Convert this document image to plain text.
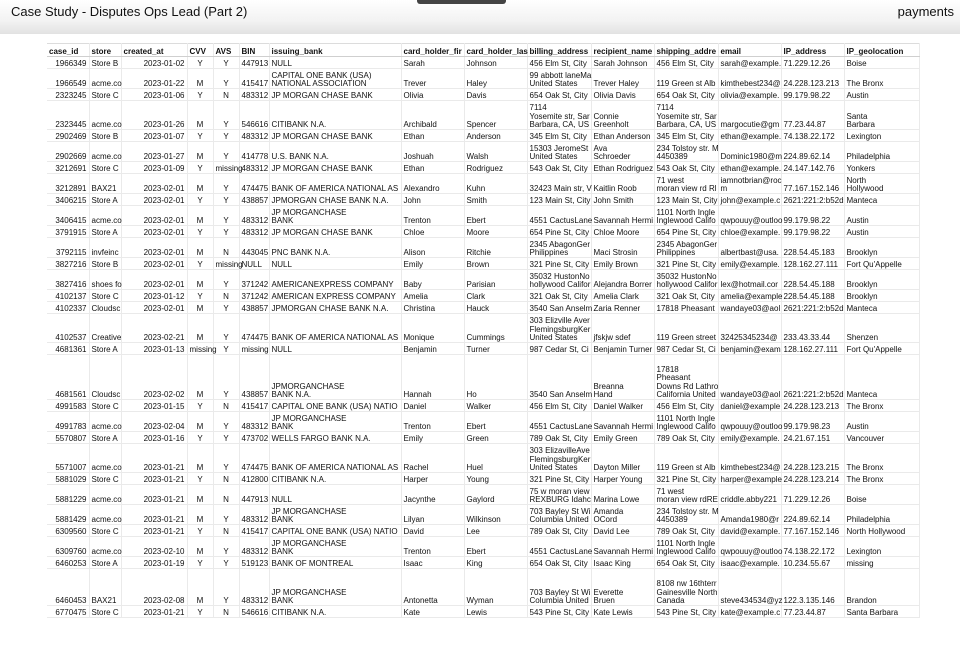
Case Study - Disputes Ops Lead (Part 2)	payments
case_id	store	created_at	CVV	AVS	BIN	issuing_bank	card_holder_fir	card_holder_las	billing_address	recipient_name	shipping_addre	email	IP_address	IP_geolocation
1966349	Store B	2023-01-02	Y	Y	447913	NULL	Sarah	Johnson	456 Elm St, City	Sarah Johnson	456 Elm St, City	sarah@example.	71.229.12.26	Boise
1966549	acme.co	2023-01-22	M	Y	415417	CAPITAL ONE BANK (USA)
NATIONAL ASSOCIATION	Trever	Haley	99 abbott laneMa
United States	Trever Haley	119 Green st Alb	kimthebest234@	24.228.123.213	The Bronx
2323245	Store C	2023-01-06	Y	N	483312	JP MORGAN CHASE BANK	Olivia	Davis	654 Oak St, City	Olivia Davis	654 Oak St, City	olivia@example.	99.179.98.22	Austin
2323445	acme.co	2023-01-26	M	Y	546616	CITIBANK N.A.	Archibald	Spencer	7114
Yosemite str, Sar
Barbara, CA, US	Connie
Greenholt	7114
Yosemite str, Sar
Barbara, CA, US	margocutie@gm	77.23.44.87	Santa
Barbara
2902469	Store B	2023-01-07	Y	Y	483312	JP MORGAN CHASE BANK	Ethan	Anderson	345 Elm St, City	Ethan Anderson	345 Elm St, City	ethan@example.	74.138.22.172	Lexington
2902669	acme.co	2023-01-27	M	Y	414778	U.S. BANK N.A.	Joshuah	Walsh	15303 JeromeSt
United States	Ava
Schroeder	234 Tolstoy str. M
4450389	Dominic1980@m	224.89.62.14	Philadelphia
3212691	Store C	2023-01-09	Y	missing	483312	JP MORGAN CHASE BANK	Ethan	Rodriguez	543 Oak St, City	Ethan Rodriguez	543 Oak St, City	ethan@example.	24.147.142.76	Yonkers
3212891	BAX21	2023-02-01	M	Y	474475	BANK OF AMERICA NATIONAL AS	Alexandro	Kuhn	32423 Main str, V	Kaitlin Roob	71 west
moran view rd Rl	iamnotbrian@roc
m	77.167.152.146	North
Hollywood
3406215	Store A	2023-02-01	Y	Y	438857	JPMORGAN CHASE BANK N.A.	John	Smith	123 Main St, City	John Smith	123 Main St, City	john@example.c	2621:221:2:b52d	Manteca
3406415	acme.co	2023-02-01	M	Y	483312	JP MORGANCHASE
BANK	Trenton	Ebert	4551 CactusLane	Savannah Hermi	1101 North Ingle
Inglewood Califo	qwpouuy@outloo	99.179.98.22	Austin
3791915	Store A	2023-02-01	Y	Y	483312	JP MORGAN CHASE BANK	Chloe	Moore	654 Pine St, City	Chloe Moore	654 Pine St, City	chloe@example.	99.179.98.22	Austin
3792115	invfeinc	2023-02-01	M	N	443045	PNC BANK N.A.	Alison	Ritchie	2345 AbagonGer
Philippines	Maci Strosin	2345 AbagonGer
Philippines	albertbast@usa.	228.54.45.183	Brooklyn
3827216	Store B	2023-02-01	Y	missing	NULL	NULL	Emily	Brown	321 Pine St, City	Emily Brown	321 Pine St, City	emily@example.	128.162.27.111	Fort Qu'Appelle
3827416	shoes fo	2023-02-01	M	Y	371242	AMERICANEXPRESS COMPANY	Baby	Parisian	35032 HustonNo
hollywood Califor	Alejandra Borrer	35032 HustonNo
hollywood Califor	lex@hotmail.cor	228.54.45.188	Brooklyn
4102137	Store C	2023-01-12	Y	N	371242	AMERICAN EXPRESS COMPANY	Amelia	Clark	321 Oak St, City	Amelia Clark	321 Oak St, City	amelia@example	228.54.45.188	Brooklyn
4102337	Cloudsc	2023-02-01	M	Y	438857	JPMORGAN CHASE BANK N.A.	Christina	Hauck	3540 San Anselm	Zaria Renner	17818 Pheasant	wandaye03@aol	2621:221:2:b52d	Manteca
4102537	Creative	2023-02-21	M	Y	474475	BANK OF AMERICA NATIONAL AS	Monique	Cummings	303 Elizville Aver
FlemingsburgKer
United States	jfskjw sdef	119 Green street	32425345234@	233.43.33.44	Shenzen
4681361	Store A	2023-01-13	missing	Y	missing	NULL	Benjamin	Turner	987 Cedar St, Ci	Benjamin Turner	987 Cedar St, Ci	benjamin@exam	128.162.27.111	Fort Qu'Appelle
4681561	Cloudsc	2023-02-02	M	Y	438857	JPMORGANCHASE
BANK N.A.	Hannah	Ho	3540 San Anselm	Breanna
Hand	17818
Pheasant
Downs Rd Lathro
California United	wandaye03@aol	2621:221:2:b52d	Manteca
4991583	Store C	2023-01-15	Y	N	415417	CAPITAL ONE BANK (USA) NATIO	Daniel	Walker	456 Elm St, City	Daniel Walker	456 Elm St, City	daniel@example	24.228.123.213	The Bronx
4991783	acme.co	2023-02-04	M	Y	483312	JP MORGANCHASE
BANK	Trenton	Ebert	4551 CactusLane	Savannah Hermi	1101 North Ingle
Inglewood Califo	qwpouuy@outloo	99.179.98.23	Austin
5570807	Store A	2023-01-16	Y	Y	473702	WELLS FARGO BANK N.A.	Emily	Green	789 Oak St, City	Emily Green	789 Oak St, City	emily@example.	24.21.67.151	Vancouver
5571007	acme.co	2023-01-21	M	Y	474475	BANK OF AMERICA NATIONAL AS	Rachel	Huel	303 ElizavilleAve
FlemingsburgKer
United States	Dayton Miller	119 Green st Alb	kimthebest234@	24.228.123.215	The Bronx
5881029	Store C	2023-01-21	Y	N	412800	CITIBANK N.A.	Harper	Young	321 Pine St, City	Harper Young	321 Pine St, City	harper@example	24.228.123.214	The Bronx
5881229	acme.co	2023-01-21	M	N	447913	NULL	Jacynthe	Gaylord	75 w moran view
REXBURG Idahc	Marina Lowe	71 west
moran view rdRE	criddle.abby221	71.229.12.26	Boise
5881429	acme.co	2023-01-21	M	Y	483312	JP MORGANCHASE
BANK	Lilyan	Wilkinson	703 Bayley St Wi
Columbia United	Amanda
OCord	234 Tolstoy str. M
4450389	Amanda1980@r	224.89.62.14	Philadelphia
6309560	Store C	2023-01-21	Y	N	415417	CAPITAL ONE BANK (USA) NATIO	David	Lee	789 Oak St, City	David Lee	789 Oak St, City	david@example.	77.167.152.146	North Hollywood
6309760	acme.co	2023-02-10	M	Y	483312	JP MORGANCHASE
BANK	Trenton	Ebert	4551 CactusLane	Savannah Hermi	1101 North Ingle
Inglewood Califo	qwpouuy@outloo	74.138.22.172	Lexington
6460253	Store A	2023-01-19	Y	Y	519123	BANK OF MONTREAL	Isaac	King	654 Oak St, City	Isaac King	654 Oak St, City	isaac@example.	10.234.55.67	missing
6460453	BAX21	2023-02-08	M	Y	483312	JP MORGANCHASE
BANK	Antonetta	Wyman	703 Bayley St Wi
Columbia United	Everette
Bruen	8108 nw 16thterr
Gainesville North
Canada	steve434534@yz	122.3.135.146	Brandon
6770475	Store C	2023-01-21	Y	N	546616	CITIBANK N.A.	Kate	Lewis	543 Pine St, City	Kate Lewis	543 Pine St, City	kate@example.c	77.23.44.87	Santa Barbara
